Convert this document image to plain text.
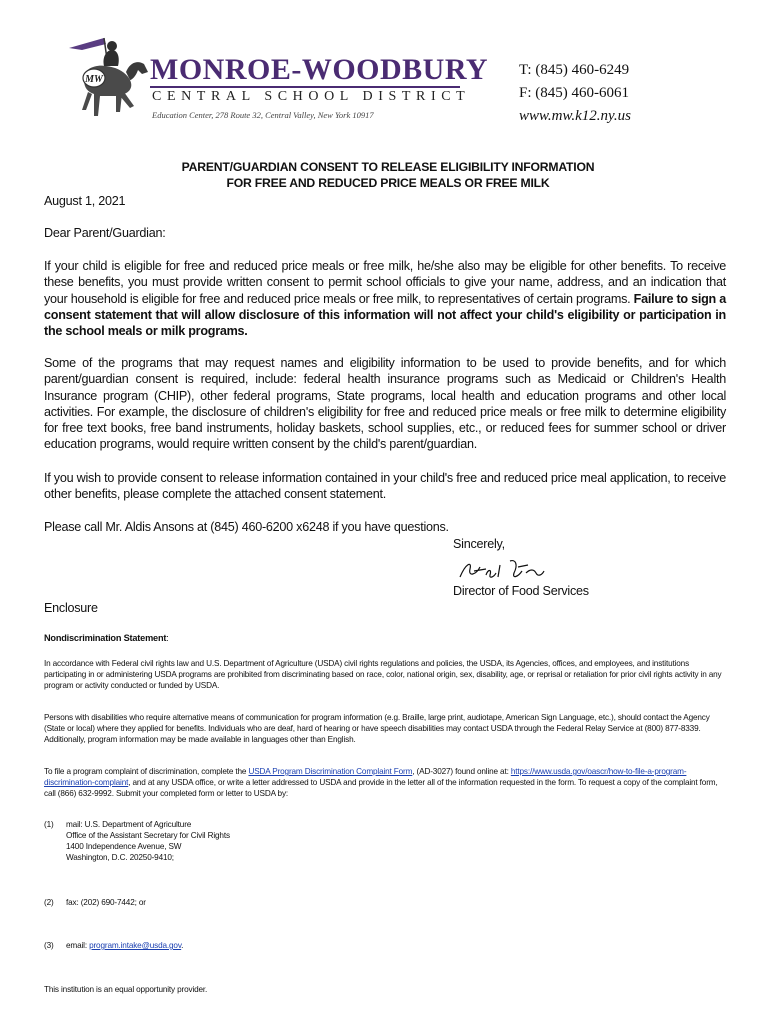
MW MONROE-WOODBURY
CENTRAL SCHOOL DISTRICT
Education Center, 278 Route 32, Central Valley, New York 10917
T: (845) 460-6249
F: (845) 460-6061
www.mw.k12.ny.us
PARENT/GUARDIAN CONSENT TO RELEASE ELIGIBILITY INFORMATION
FOR FREE AND REDUCED PRICE MEALS OR FREE MILK
August 1, 2021
Dear Parent/Guardian:
If your child is eligible for free and reduced price meals or free milk, he/she also may be eligible for other benefits. To receive these benefits, you must provide written consent to permit school officials to give your name, address, and an indication that your household is eligible for free and reduced price meals or free milk, to representatives of certain programs. Failure to sign a consent statement that will allow disclosure of this information will not affect your child's eligibility or participation in the school meals or milk programs.
Some of the programs that may request names and eligibility information to be used to provide benefits, and for which parent/guardian consent is required, include: federal health insurance programs such as Medicaid or Children's Health Insurance program (CHIP), other federal programs, State programs, local health and education programs and other local activities. For example, the disclosure of children's eligibility for free and reduced price meals or free milk to determine eligibility for free text books, free band instruments, holiday baskets, school supplies, etc., or reduced fees for summer school or driver education programs, would require written consent by the child's parent/guardian.
If you wish to provide consent to release information contained in your child's free and reduced price meal application, to receive other benefits, please complete the attached consent statement.
Please call Mr. Aldis Ansons at (845) 460-6200 x6248 if you have questions.
Sincerely,
Director of Food Services
Enclosure
Nondiscrimination Statement:
In accordance with Federal civil rights law and U.S. Department of Agriculture (USDA) civil rights regulations and policies, the USDA, its Agencies, offices, and employees, and institutions participating in or administering USDA programs are prohibited from discriminating based on race, color, national origin, sex, disability, age, or reprisal or retaliation for prior civil rights activity in any program or activity conducted or funded by USDA.
Persons with disabilities who require alternative means of communication for program information (e.g. Braille, large print, audiotape, American Sign Language, etc.), should contact the Agency (State or local) where they applied for benefits. Individuals who are deaf, hard of hearing or have speech disabilities may contact USDA through the Federal Relay Service at (800) 877-8339. Additionally, program information may be made available in languages other than English.
To file a program complaint of discrimination, complete the USDA Program Discrimination Complaint Form, (AD-3027) found online at: https://www.usda.gov/oascr/how-to-file-a-program-discrimination-complaint, and at any USDA office, or write a letter addressed to USDA and provide in the letter all of the information requested in the form. To request a copy of the complaint form, call (866) 632-9992. Submit your completed form or letter to USDA by:
(1) mail: U.S. Department of Agriculture
Office of the Assistant Secretary for Civil Rights
1400 Independence Avenue, SW
Washington, D.C. 20250-9410;
(2) fax: (202) 690-7442; or
(3) email: program.intake@usda.gov.
This institution is an equal opportunity provider.
